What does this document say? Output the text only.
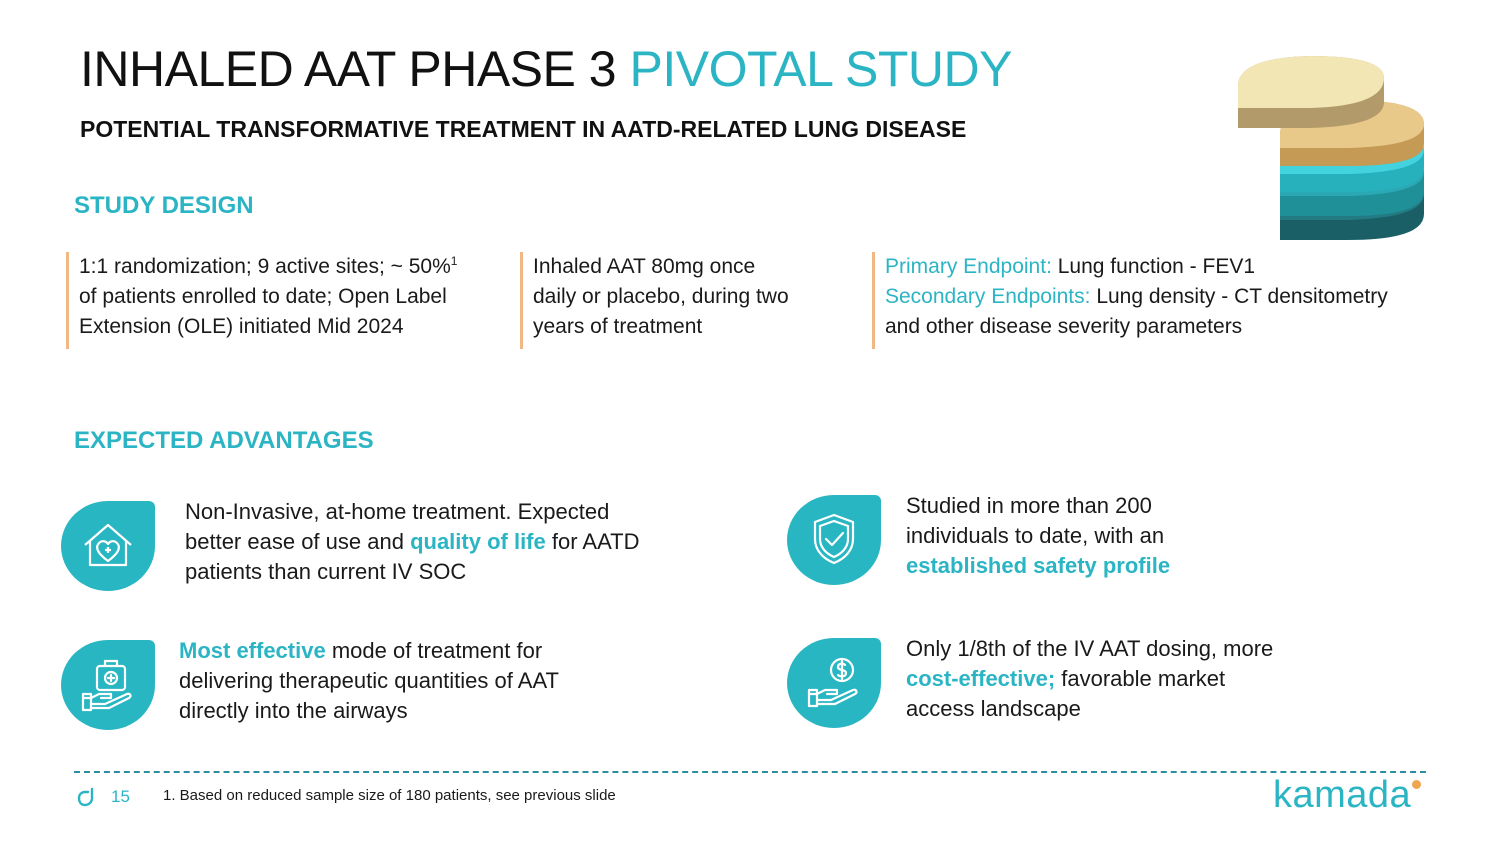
INHALED AAT PHASE 3 PIVOTAL STUDY
POTENTIAL TRANSFORMATIVE TREATMENT IN AATD-RELATED LUNG DISEASE
STUDY DESIGN
1:1 randomization; 9 active sites; ~ 50%$^1$
of patients enrolled to date; Open Label
Extension (OLE) initiated Mid 2024
Inhaled AAT 80mg once
daily or placebo, during two
years of treatment
Primary Endpoint: Lung function - FEV1
Secondary Endpoints: Lung density - CT densitometry
and other disease severity parameters
EXPECTED ADVANTAGES
Non-Invasive, at-home treatment. Expected
better ease of use and quality of life for AATD
patients than current IV SOC
Studied in more than 200
individuals to date, with an
established safety profile
Most effective mode of treatment for
delivering therapeutic quantities of AAT
directly into the airways
Only 1/8th of the IV AAT dosing, more
cost-effective; favorable market
access landscape
15 1. Based on reduced sample size of 180 patients, see previous slide	kamada
